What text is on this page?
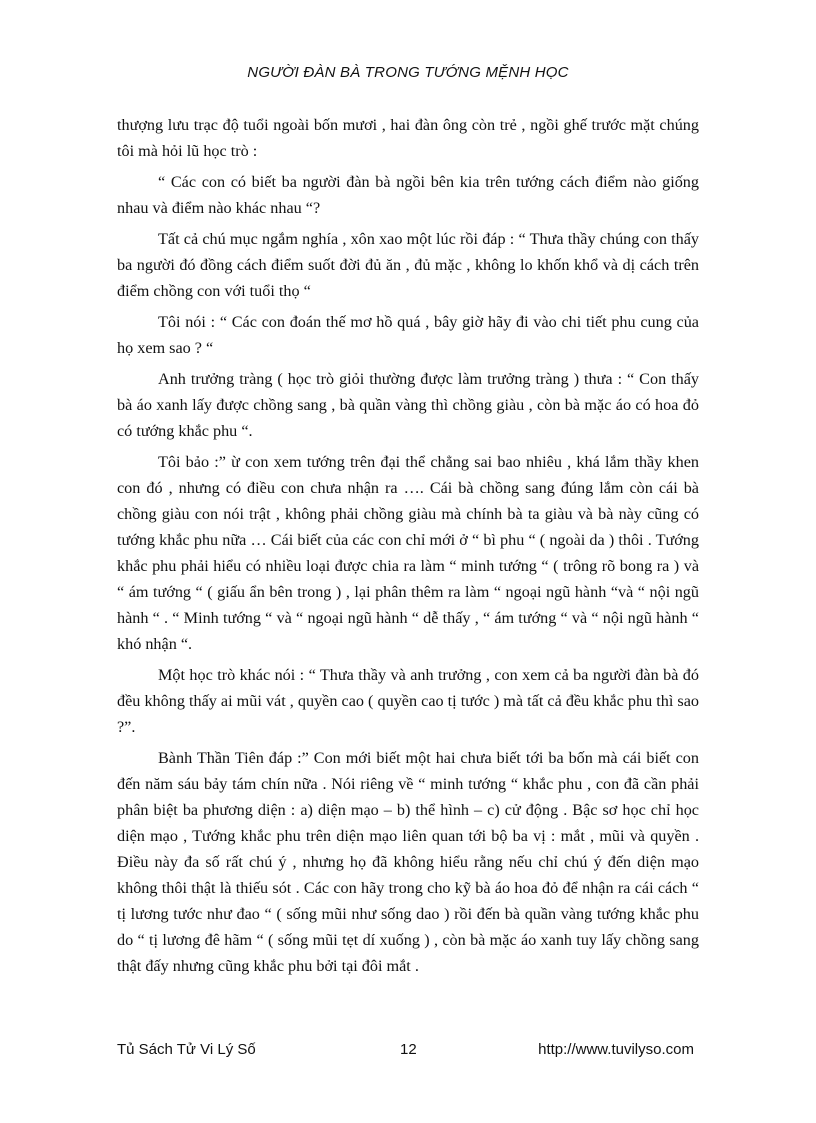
NGƯỜI ĐÀN BÀ TRONG TƯỚNG MỆNH HỌC

thượng lưu trạc độ tuổi ngoài bốn mươi , hai đàn ông còn trẻ , ngồi ghế trước mặt chúng tôi mà hỏi lũ học trò :

“ Các con có biết ba người đàn bà ngồi bên kia trên tướng cách điểm nào giống nhau và điểm nào khác nhau “?

Tất cả chú mục ngắm nghía , xôn xao một lúc rồi đáp : “ Thưa thầy chúng con thấy ba người đó đồng cách điểm suốt đời đủ ăn , đủ mặc , không lo khốn khổ và dị cách trên điểm chồng con với tuổi thọ “

Tôi nói : “ Các con đoán thế mơ hồ quá , bây giờ hãy đi vào chi tiết phu cung của họ xem sao ? “

Anh trưởng tràng ( học trò giỏi thường được làm trưởng tràng ) thưa : “ Con thấy bà áo xanh lấy được chồng sang , bà quần vàng thì chồng giàu , còn bà mặc áo có hoa đỏ có tướng khắc phu “.

Tôi bảo :” ừ con xem tướng trên đại thể chẳng sai bao nhiêu , khá lắm thầy khen con đó , nhưng có điều con chưa nhận ra …. Cái bà chồng sang đúng lắm còn cái bà chồng giàu con nói trật , không phải chồng giàu mà chính bà ta giàu và bà này cũng có tướng khắc phu nữa … Cái biết của các con chỉ mới ở “ bì phu “ ( ngoài da ) thôi . Tướng khắc phu phải hiểu có nhiều loại được chia ra làm “ minh tướng “ ( trông rõ bong ra ) và “ ám tướng “ ( giấu ẩn bên trong ) , lại phân thêm ra làm “ ngoại ngũ hành “và “ nội ngũ hành “ . “ Minh tướng “ và “ ngoại ngũ hành “ dễ thấy , “ ám tướng “ và “ nội ngũ hành “ khó nhận “.

Một học trò khác nói : “ Thưa thầy và anh trưởng , con xem cả ba người đàn bà đó đều không thấy ai mũi vát , quyền cao ( quyền cao tị tước ) mà tất cả đều khắc phu thì sao ?”.

Bành Thần Tiên đáp :” Con mới biết một hai chưa biết tới ba bốn mà cái biết con đến năm sáu bảy tám chín nữa . Nói riêng về “ minh tướng “ khắc phu , con đã cần phải phân biệt ba phương diện : a) diện mạo – b) thể hình – c) cử động . Bậc sơ học chỉ học diện mạo , Tướng khắc phu trên diện mạo liên quan tới bộ ba vị : mắt , mũi và quyền . Điều này đa số rất chú ý , nhưng họ đã không hiểu rằng nếu chỉ chú ý đến diện mạo không thôi thật là thiếu sót . Các con hãy trong cho kỹ bà áo hoa đỏ để nhận ra cái cách “ tị lương tước như đao “ ( sống mũi như sống dao ) rồi đến bà quần vàng tướng khắc phu do “ tị lương đê hãm “ ( sống mũi tẹt dí xuống ) , còn bà mặc áo xanh tuy lấy chồng sang thật đấy nhưng cũng khắc phu bởi tại đôi mắt .

Tủ Sách Tử Vi Lý Số	12	http://www.tuvilyso.com
